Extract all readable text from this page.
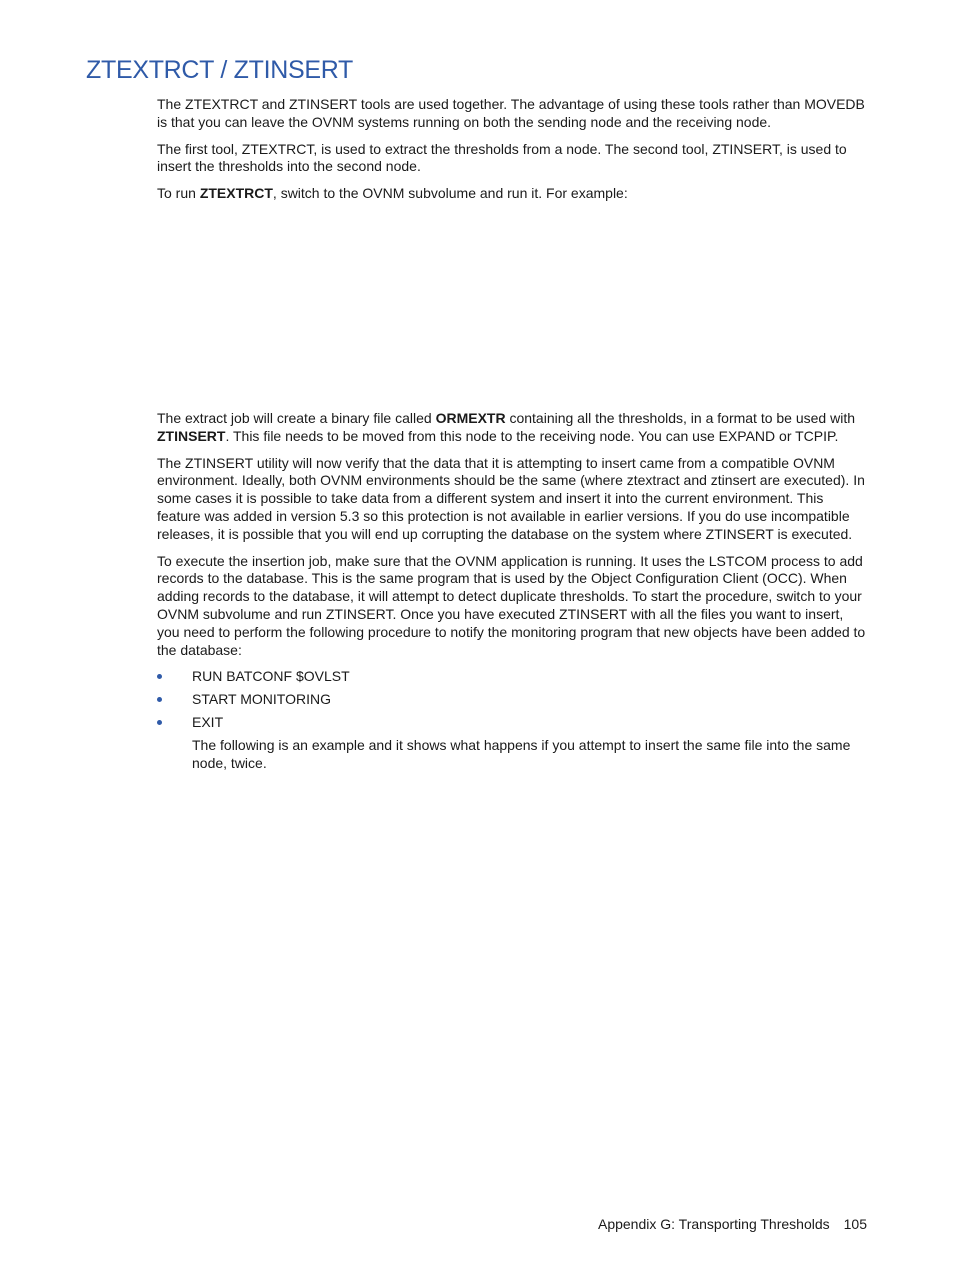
ZTEXTRCT / ZTINSERT

The ZTEXTRCT and ZTINSERT tools are used together. The advantage of using these tools rather than MOVEDB is that you can leave the OVNM systems running on both the sending node and the receiving node.

The first tool, ZTEXTRCT, is used to extract the thresholds from a node. The second tool, ZTINSERT, is used to insert the thresholds into the second node.

To run ZTEXTRCT, switch to the OVNM subvolume and run it. For example:

The extract job will create a binary file called ORMEXTR containing all the thresholds, in a format to be used with ZTINSERT. This file needs to be moved from this node to the receiving node. You can use EXPAND or TCPIP.

The ZTINSERT utility will now verify that the data that it is attempting to insert came from a compatible OVNM environment. Ideally, both OVNM environments should be the same (where ztextract and ztinsert are executed). In some cases it is possible to take data from a different system and insert it into the current environment. This feature was added in version 5.3 so this protection is not available in earlier versions. If you do use incompatible releases, it is possible that you will end up corrupting the database on the system where ZTINSERT is executed.

To execute the insertion job, make sure that the OVNM application is running. It uses the LSTCOM process to add records to the database. This is the same program that is used by the Object Configuration Client (OCC). When adding records to the database, it will attempt to detect duplicate thresholds. To start the procedure, switch to your OVNM subvolume and run ZTINSERT. Once you have executed ZTINSERT with all the files you want to insert, you need to perform the following procedure to notify the monitoring program that new objects have been added to the database:

RUN BATCONF $OVLST
START MONITORING
EXIT

The following is an example and it shows what happens if you attempt to insert the same file into the same node, twice.

Appendix G: Transporting Thresholds 105
